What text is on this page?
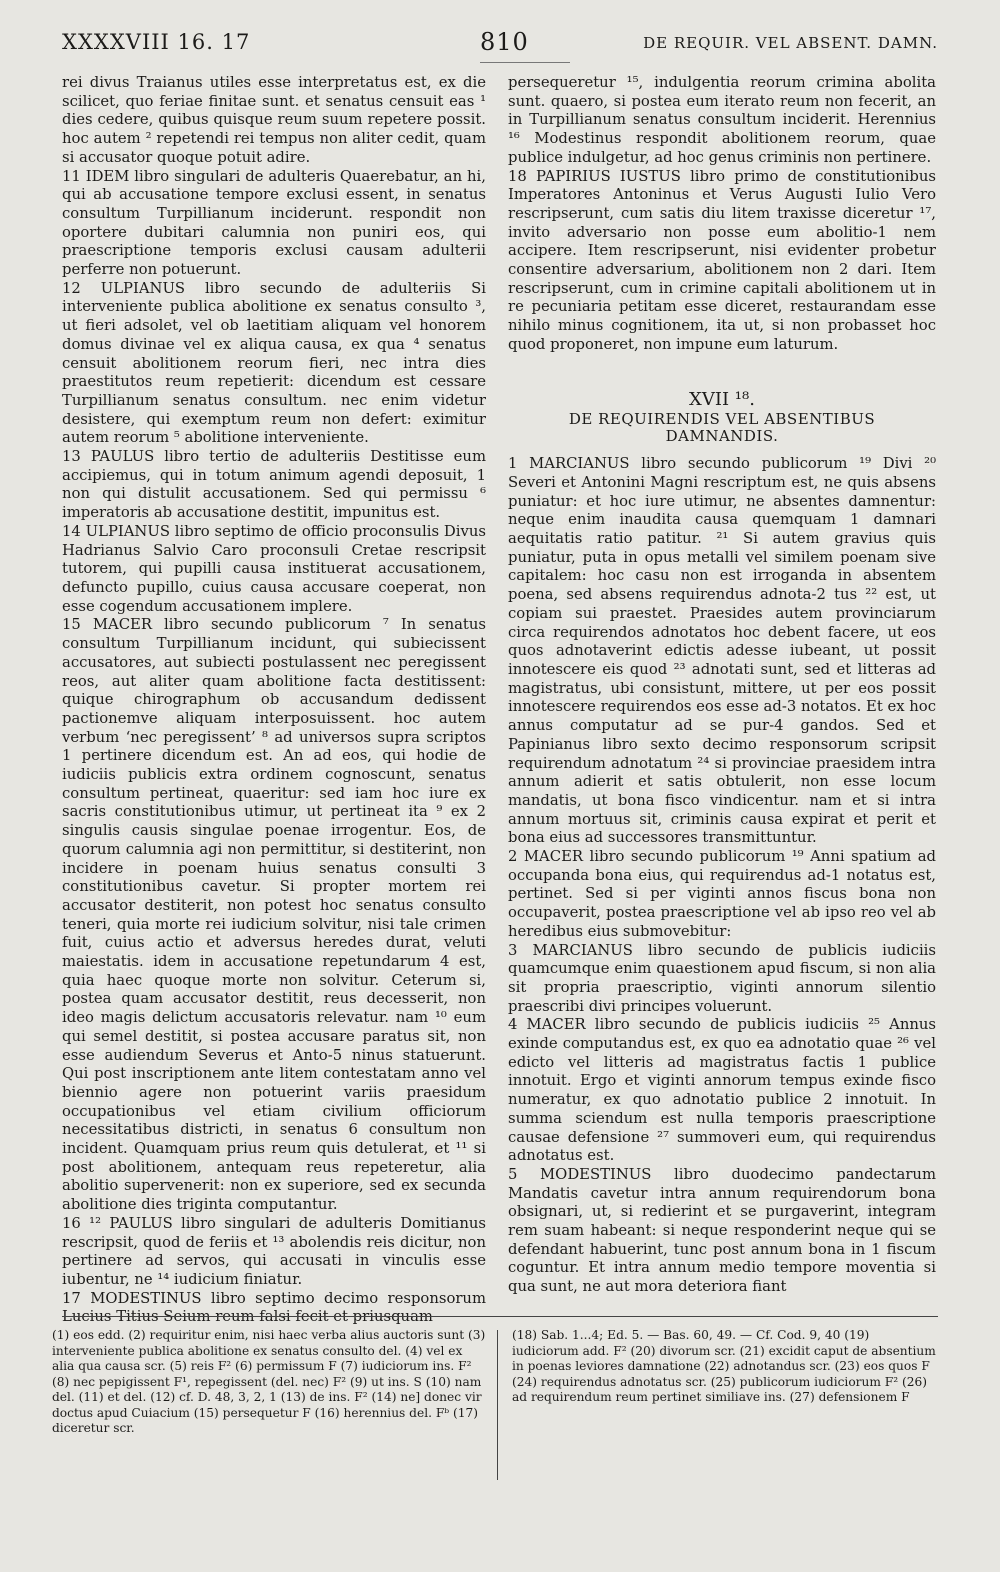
XXXXVIII 16. 17	810	DE REQUIR. VEL ABSENT. DAMN.

rei divus Traianus utiles esse interpretatus est, ex die scilicet, quo feriae finitae sunt. et senatus censuit eas ¹ dies cedere, quibus quisque reum suum repetere possit. hoc autem ² repetendi rei tempus non aliter cedit, quam si accusator quoque potuit adire.

11 IDEM libro singulari de adulteris Quaerebatur, an hi, qui ab accusatione tempore exclusi essent, in senatus consultum Turpillianum inciderunt. respondit non oportere dubitari calumnia non puniri eos, qui praescriptione temporis exclusi causam adulterii perferre non potuerunt.

12 ULPIANUS libro secundo de adulteriis Si interveniente publica abolitione ex senatus consulto ³, ut fieri adsolet, vel ob laetitiam aliquam vel honorem domus divinae vel ex aliqua causa, ex qua ⁴ senatus censuit abolitionem reorum fieri, nec intra dies praestitutos reum repetierit: dicendum est cessare Turpillianum senatus consultum. nec enim videtur desistere, qui exemptum reum non defert: eximitur autem reorum ⁵ abolitione interveniente.

13 PAULUS libro tertio de adulteriis Destitisse eum accipiemus, qui in totum animum agendi deposuit, 1 non qui distulit accusationem. Sed qui permissu ⁶ imperatoris ab accusatione destitit, impunitus est.

14 ULPIANUS libro septimo de officio proconsulis Divus Hadrianus Salvio Caro proconsuli Cretae rescripsit tutorem, qui pupilli causa instituerat accusationem, defuncto pupillo, cuius causa accusare coeperat, non esse cogendum accusationem implere.

15 MACER libro secundo publicorum ⁷ In senatus consultum Turpillianum incidunt, qui subiecissent accusatores, aut subiecti postulassent nec peregissent reos, aut aliter quam abolitione facta destitissent: quique chirographum ob accusandum dedissent pactionemve aliquam interposuissent. hoc autem verbum ‘nec peregissent’ ⁸ ad universos supra scriptos 1 pertinere dicendum est. An ad eos, qui hodie de iudiciis publicis extra ordinem cognoscunt, senatus consultum pertineat, quaeritur: sed iam hoc iure ex sacris constitutionibus utimur, ut pertineat ita ⁹ ex 2 singulis causis singulae poenae irrogentur. Eos, de quorum calumnia agi non permittitur, si destiterint, non incidere in poenam huius senatus consulti 3 constitutionibus cavetur. Si propter mortem rei accusator destiterit, non potest hoc senatus consulto teneri, quia morte rei iudicium solvitur, nisi tale crimen fuit, cuius actio et adversus heredes durat, veluti maiestatis. idem in accusatione repetundarum 4 est, quia haec quoque morte non solvitur. Ceterum si, postea quam accusator destitit, reus decesserit, non ideo magis delictum accusatoris relevatur. nam ¹⁰ eum qui semel destitit, si postea accusare paratus sit, non esse audiendum Severus et Anto-5 ninus statuerunt. Qui post inscriptionem ante litem contestatam anno vel biennio agere non potuerint variis praesidum occupationibus vel etiam civilium officiorum necessitatibus districti, in senatus 6 consultum non incident. Quamquam prius reum quis detulerat, et ¹¹ si post abolitionem, antequam reus repeteretur, alia abolitio supervenerit: non ex superiore, sed ex secunda abolitione dies triginta computantur.

16 ¹² PAULUS libro singulari de adulteris Domitianus rescripsit, quod de feriis et ¹³ abolendis reis dicitur, non pertinere ad servos, qui accusati in vinculis esse iubentur, ne ¹⁴ iudicium finiatur.

17 MODESTINUS libro septimo decimo responsorum Lucius Titius Seium reum falsi fecit et priusquam

persequeretur ¹⁵, indulgentia reorum crimina abolita sunt. quaero, si postea eum iterato reum non fecerit, an in Turpillianum senatus consultum inciderit. Herennius ¹⁶ Modestinus respondit abolitionem reorum, quae publice indulgetur, ad hoc genus criminis non pertinere.

18 PAPIRIUS IUSTUS libro primo de constitutionibus Imperatores Antoninus et Verus Augusti Iulio Vero rescripserunt, cum satis diu litem traxisse diceretur ¹⁷, invito adversario non posse eum abolitio-1 nem accipere. Item rescripserunt, nisi evidenter probetur consentire adversarium, abolitionem non 2 dari. Item rescripserunt, cum in crimine capitali abolitionem ut in re pecuniaria petitam esse diceret, restaurandam esse nihilo minus cognitionem, ita ut, si non probasset hoc quod proponeret, non impune eum laturum.

XVII ¹⁸.
DE REQUIRENDIS VEL ABSENTIBUS DAMNANDIS.

1 MARCIANUS libro secundo publicorum ¹⁹ Divi ²⁰ Severi et Antonini Magni rescriptum est, ne quis absens puniatur: et hoc iure utimur, ne absentes damnentur: neque enim inaudita causa quemquam 1 damnari aequitatis ratio patitur. ²¹ Si autem gravius quis puniatur, puta in opus metalli vel similem poenam sive capitalem: hoc casu non est irroganda in absentem poena, sed absens requirendus adnota-2 tus ²² est, ut copiam sui praestet. Praesides autem provinciarum circa requirendos adnotatos hoc debent facere, ut eos quos adnotaverint edictis adesse iubeant, ut possit innotescere eis quod ²³ adnotati sunt, sed et litteras ad magistratus, ubi consistunt, mittere, ut per eos possit innotescere requirendos eos esse ad-3 notatos. Et ex hoc annus computatur ad se pur-4 gandos. Sed et Papinianus libro sexto decimo responsorum scripsit requirendum adnotatum ²⁴ si provinciae praesidem intra annum adierit et satis obtulerit, non esse locum mandatis, ut bona fisco vindicentur. nam et si intra annum mortuus sit, criminis causa expirat et perit et bona eius ad successores transmittuntur.

2 MACER libro secundo publicorum ¹⁹ Anni spatium ad occupanda bona eius, qui requirendus ad-1 notatus est, pertinet. Sed si per viginti annos fiscus bona non occupaverit, postea praescriptione vel ab ipso reo vel ab heredibus eius submovebitur:

3 MARCIANUS libro secundo de publicis iudiciis quamcumque enim quaestionem apud fiscum, si non alia sit propria praescriptio, viginti annorum silentio praescribi divi principes voluerunt.

4 MACER libro secundo de publicis iudiciis ²⁵ Annus exinde computandus est, ex quo ea adnotatio quae ²⁶ vel edicto vel litteris ad magistratus factis 1 publice innotuit. Ergo et viginti annorum tempus exinde fisco numeratur, ex quo adnotatio publice 2 innotuit. In summa sciendum est nulla temporis praescriptione causae defensione ²⁷ summoveri eum, qui requirendus adnotatus est.

5 MODESTINUS libro duodecimo pandectarum Mandatis cavetur intra annum requirendorum bona obsignari, ut, si redierint et se purgaverint, integram rem suam habeant: si neque responderint neque qui se defendant habuerint, tunc post annum bona in 1 fiscum coguntur. Et intra annum medio tempore moventia si qua sunt, ne aut mora deteriora fiant

(1) eos edd. (2) requiritur enim, nisi haec verba alius auctoris sunt (3) interveniente publica abolitione ex senatus consulto del. (4) vel ex alia qua causa scr. (5) reis F² (6) permissum F (7) iudiciorum ins. F² (8) nec pepigissent F¹, repegissent (del. nec) F² (9) ut ins. S (10) nam del. (11) et del. (12) cf. D. 48, 3, 2, 1 (13) de ins. F² (14) ne] donec vir doctus apud Cuiacium (15) persequetur F (16) herennius del. Fᵇ (17) diceretur scr.

(18) Sab. 1...4; Ed. 5. — Bas. 60, 49. — Cf. Cod. 9, 40 (19) iudiciorum add. F² (20) divorum scr. (21) excidit caput de absentium in poenas leviores damnatione (22) adnotandus scr. (23) eos quos F (24) requirendus adnotatus scr. (25) publicorum iudiciorum F² (26) ad requirendum reum pertinet similiave ins. (27) defensionem F
